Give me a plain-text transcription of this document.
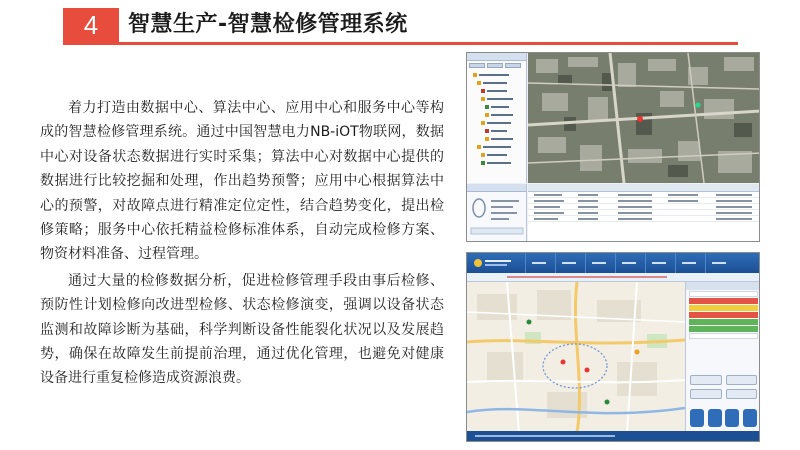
4	智慧生产-智慧检修管理系统

着力打造由数据中心、算法中心、应用中心和服务中心等构成的智慧检修管理系统。通过中国智慧电力NB-iOT物联网，数据中心对设备状态数据进行实时采集；算法中心对数据中心提供的数据进行比较挖掘和处理，作出趋势预警；应用中心根据算法中心的预警，对故障点进行精准定位定性，结合趋势变化，提出检修策略；服务中心依托精益检修标准体系，自动完成检修方案、物资材料准备、过程管理。

通过大量的检修数据分析，促进检修管理手段由事后检修、预防性计划检修向改进型检修、状态检修演变，强调以设备状态监测和故障诊断为基础，科学判断设备性能裂化状况以及发展趋势，确保在故障发生前提前治理，通过优化管理，也避免对健康设备进行重复检修造成资源浪费。
